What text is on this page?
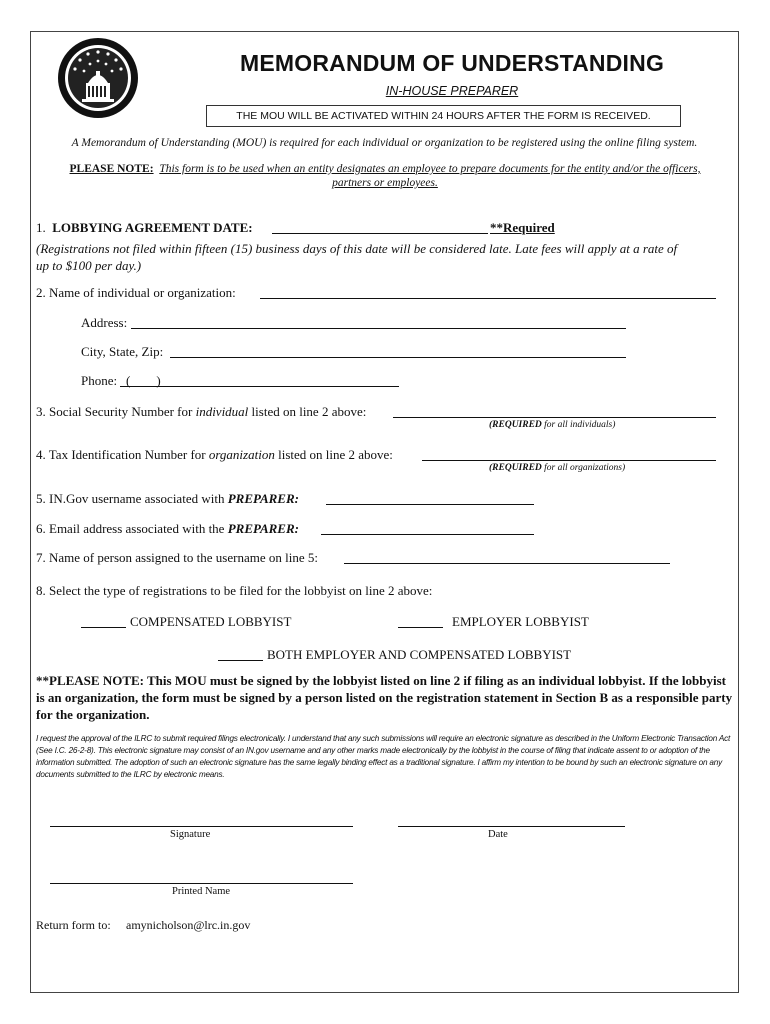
MEMORANDUM OF UNDERSTANDING
IN-HOUSE PREPARER
THE MOU WILL BE ACTIVATED WITHIN 24 HOURS AFTER THE FORM IS RECEIVED.
A Memorandum of Understanding (MOU) is required for each individual or organization to be registered using the online filing system.
PLEASE NOTE: This form is to be used when an entity designates an employee to prepare documents for the entity and/or the officers,
partners or employees.
1. LOBBYING AGREEMENT DATE:	**Required
(Registrations not filed within fifteen (15) business days of this date will be considered late. Late fees will apply at a rate of
up to $100 per day.)
2. Name of individual or organization:
Address:
City, State, Zip:
Phone: (        )
3. Social Security Number for individual listed on line 2 above:
(REQUIRED for all individuals)
4. Tax Identification Number for organization listed on line 2 above:
(REQUIRED for all organizations)
5. IN.Gov username associated with PREPARER:
6. Email address associated with the PREPARER:
7. Name of person assigned to the username on line 5:
8. Select the type of registrations to be filed for the lobbyist on line 2 above:
COMPENSATED LOBBYIST	EMPLOYER LOBBYIST
BOTH EMPLOYER AND COMPENSATED LOBBYIST
**PLEASE NOTE: This MOU must be signed by the lobbyist listed on line 2 if filing as an individual lobbyist. If the lobbyist is an organization, the form must be signed by a person listed on the registration statement in Section B as a responsible party for the organization.
I request the approval of the ILRC to submit required filings electronically. I understand that any such submissions will require an electronic signature as described in the Uniform Electronic Transaction Act (See I.C. 26-2-8). This electronic signature may consist of an IN.gov username and any other marks made electronically by the lobbyist in the course of filing that indicate assent to or adoption of the information submitted. The adoption of such an electronic signature has the same legally binding effect as a traditional signature. I affirm my intention to be bound by such an electronic signature on any documents submitted to the ILRC by electronic means.
Signature	Date
Printed Name
Return form to: amynicholson@lrc.in.gov
